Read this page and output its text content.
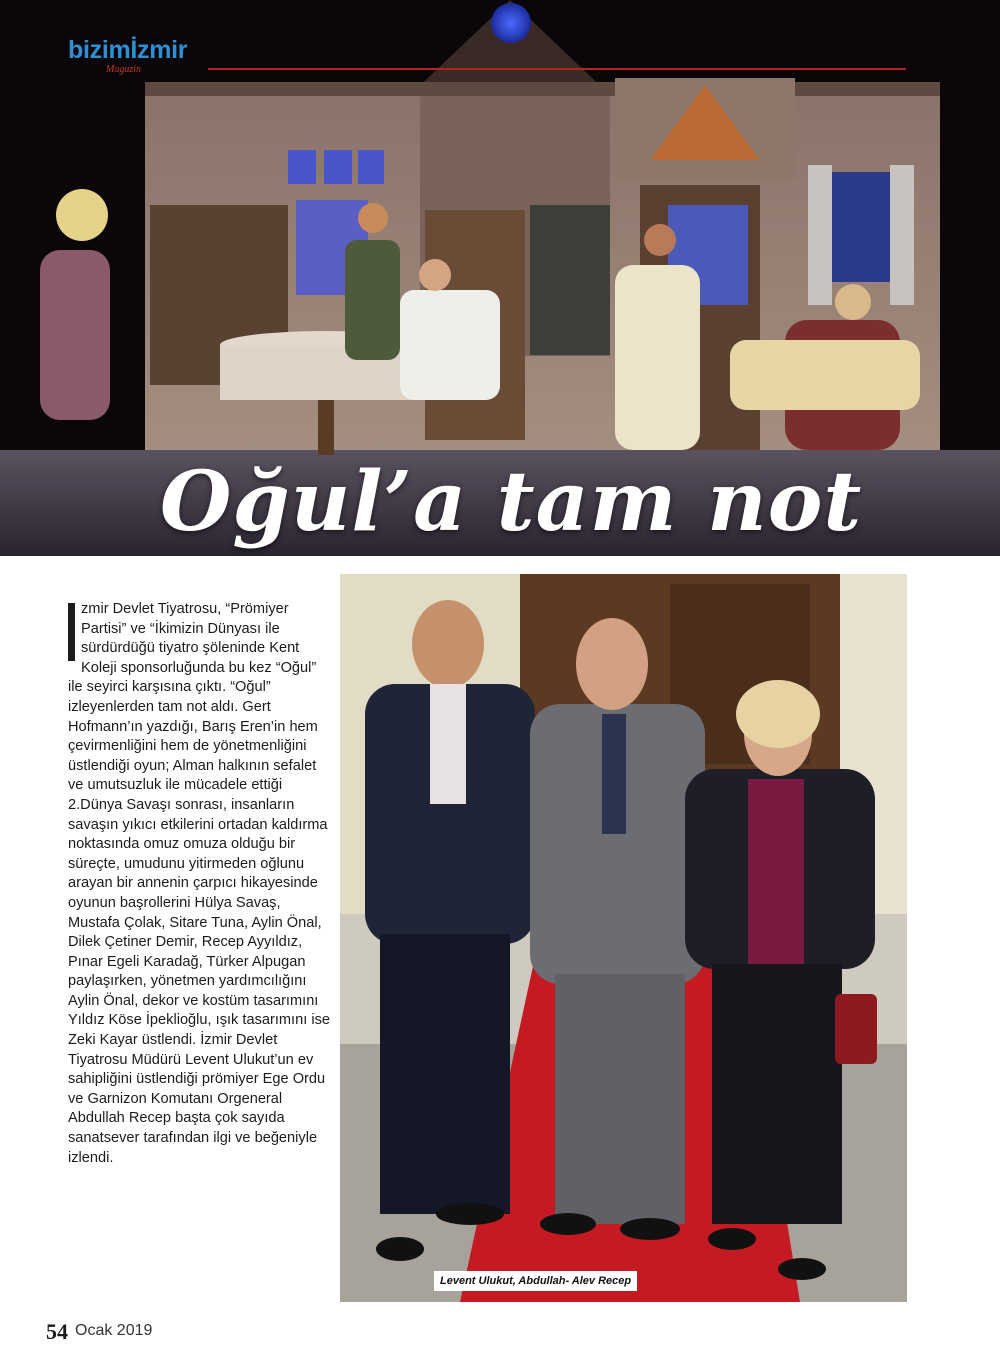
bizimİzmir
Magazin
Oğul’a tam not

zmir Devlet Tiyatrosu, “Prömiyer Partisi” ve “İkimizin Dünyası ile sürdürdüğü tiyatro şöleninde Kent Koleji sponsorluğunda bu kez “Oğul” ile seyirci karşısına çıktı. “Oğul” izleyenlerden tam not aldı. Gert Hofmann’ın yazdığı, Barış Eren’in hem çevirmenliğini hem de yönetmenliğini üstlendiği oyun; Alman halkının sefalet ve umutsuzluk ile mücadele ettiği 2.Dünya Savaşı sonrası, insanların savaşın yıkıcı etkilerini ortadan kaldırma noktasında omuz omuza olduğu bir süreçte, umudunu yitirmeden oğlunu arayan bir annenin çarpıcı hikayesinde oyunun başrollerini Hülya Savaş, Mustafa Çolak, Sitare Tuna, Aylin Önal, Dilek Çetiner Demir, Recep Ayyıldız, Pınar Egeli Karadağ, Türker Alpugan paylaşırken, yönetmen yardımcılığını Aylin Önal, dekor ve kostüm tasarımını Yıldız Köse İpeklioğlu, ışık tasarımını ise Zeki Kayar üstlendi. İzmir Devlet Tiyatrosu Müdürü Levent Ulukut’un ev sahipliğini üstlendiği prömiyer Ege Ordu ve Garnizon Komutanı Orgeneral Abdullah Recep başta çok sayıda sanatsever tarafından ilgi ve beğeniyle izlendi.

Levent Ulukut, Abdullah- Alev Recep
54 Ocak 2019
